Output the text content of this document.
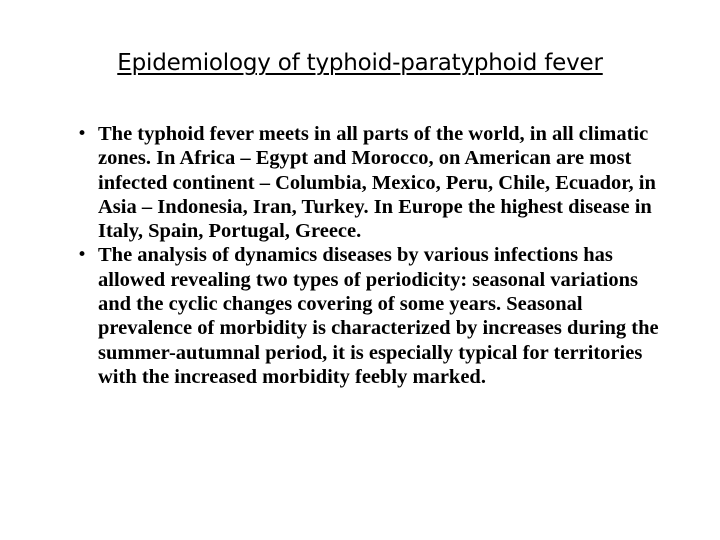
Epidemiology of typhoid-paratyphoid fever
• The typhoid fever meets in all parts of the world, in all climatic zones. In Africa – Egypt and Morocco, on American are most infected continent – Columbia, Mexico, Peru, Chile, Ecuador, in Asia – Indonesia, Iran, Turkey. In Europe the highest disease in Italy, Spain, Portugal, Greece.
• The analysis of dynamics diseases by various infections has allowed revealing two types of periodicity: seasonal variations and the cyclic changes covering of some years. Seasonal prevalence of morbidity is characterized by increases during the summer-autumnal period, it is especially typical for territories with the increased morbidity feebly marked.
